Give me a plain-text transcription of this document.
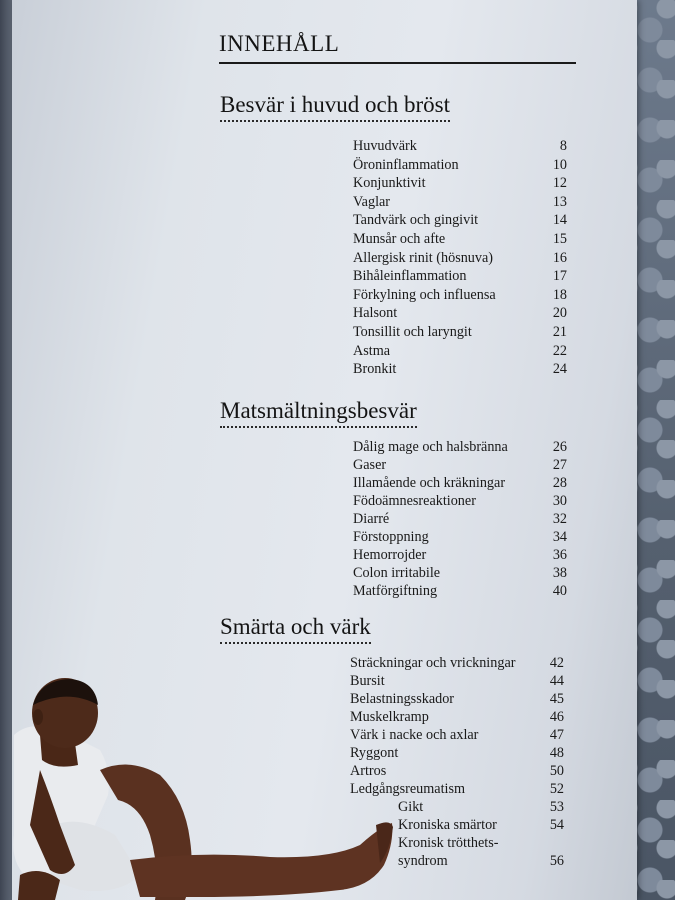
INNEHÅLL
Besvär i huvud och bröst
Huvudvärk	8
Öroninflammation	10
Konjunktivit	12
Vaglar	13
Tandvärk och gingivit	14
Munsår och afte	15
Allergisk rinit (hösnuva)	16
Bihåleinflammation	17
Förkylning och influensa	18
Halsont	20
Tonsillit och laryngit	21
Astma	22
Bronkit	24
Matsmältningsbesvär
Dålig mage och halsbränna	26
Gaser	27
Illamående och kräkningar	28
Födoämnesreaktioner	30
Diarré	32
Förstoppning	34
Hemorrojder	36
Colon irritabile	38
Matförgiftning	40
Smärta och värk
Sträckningar och vrickningar 42
Bursit	44
Belastningsskador	45
Muskelkramp	46
Värk i nacke och axlar	47
Ryggont	48
Artros	50
Ledgångsreumatism	52
Gikt	53
Kroniska smärtor	54
Kronisk trötthets-syndrom	56
